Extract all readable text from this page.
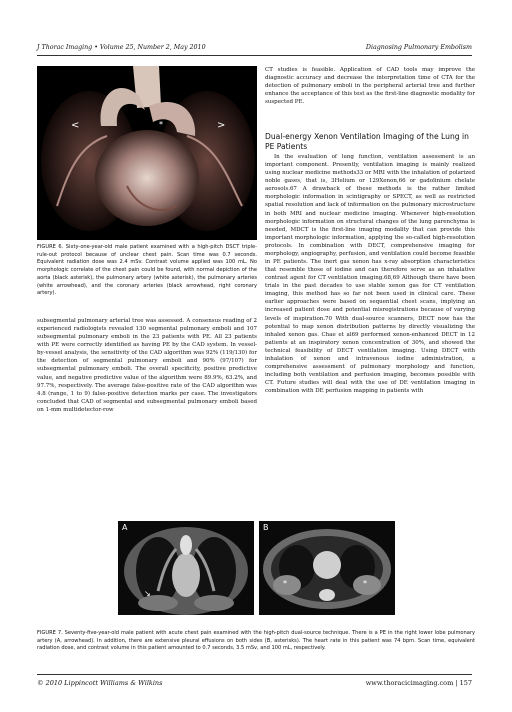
J Thorac Imaging • Volume 25, Number 2, May 2010	Diagnosing Pulmonary Embolism
<	>
*
*
FIGURE 6. Sixty-one-year-old male patient examined with a high-pitch DSCT triple-rule-out protocol because of unclear chest pain. Scan time was 0.7 seconds. Equivalent radiation dose was 2.4 mSv. Contrast volume applied was 100 mL. No morphologic correlate of the chest pain could be found, with normal depiction of the aorta (black asterisk), the pulmonary artery (white asterisk), the pulmonary arteries (white arrowhead), and the coronary arteries (black arrowhead, right coronary artery).

subsegmental pulmonary arterial tree was assessed. A consensus reading of 2 experienced radiologists revealed 130 segmental pulmonary emboli and 107 subsegmental pulmonary emboli in the 23 patients with PE. All 23 patients with PE were correctly identified as having PE by the CAD system. In vessel-by-vessel analysis, the sensitivity of the CAD algorithm was 92% (119/130) for the detection of segmental pulmonary emboli and 90% (97/107) for subsegmental pulmonary emboli. The overall specificity, positive predictive value, and negative predictive value of the algorithm were 89.9%, 63.2%, and 97.7%, respectively. The average false-positive rate of the CAD algorithm was 4.8 (range, 1 to 9) false-positive detection marks per case. The investigators concluded that CAD of segmental and subsegmental pulmonary emboli based on 1-mm multidetector-row

CT studies is feasible. Application of CAD tools may improve the diagnostic accuracy and decrease the interpretation time of CTA for the detection of pulmonary emboli in the peripheral arterial tree and further enhance the acceptance of this test as the first-line diagnostic modality for suspected PE.

Dual-energy Xenon Ventilation Imaging of the Lung in PE Patients

In the evaluation of lung function, ventilation assessment is an important component. Presently, ventilation imaging is mainly realized using nuclear medicine methods33 or MRI with the inhalation of polarized noble gases, that is, 3Helium or 129Xenon,66 or gadolinium chelate aerosols.67 A drawback of these methods is the rather limited morphologic information in scintigraphy or SPECT, as well as restricted spatial resolution and lack of information on the pulmonary microstructure in both MRI and nuclear medicine imaging. Whenever high-resolution morphologic information on structural changes of the lung parenchyma is needed, MDCT is the first-line imaging modality that can provide this important morphologic information, applying the so-called high-resolution protocols. In combination with DECT, comprehensive imaging for morphology, angiography, perfusion, and ventilation could become feasible in PE patients. The inert gas xenon has x-ray absorption characteristics that resemble those of iodine and can therefore serve as an inhalative contrast agent for CT ventilation imaging.68,69 Although there have been trials in the past decades to use stable xenon gas for CT ventilation imaging, this method has so far not been used in clinical care. These earlier approaches were based on sequential chest scans, implying an increased patient dose and potential misregistrations because of varying levels of inspiration.70 With dual-source scanners, DECT now has the potential to map xenon distribution patterns by directly visualizing the inhaled xenon gas. Chae et al69 performed xenon-enhanced DECT in 12 patients at an inspiratory xenon concentration of 30%, and showed the technical feasibility of DECT ventilation imaging. Using DECT with inhalation of xenon and intravenous iodine administration, a comprehensive assessment of pulmonary morphology and function, including both ventilation and perfusion imaging, becomes possible with CT. Future studies will deal with the use of DE ventilation imaging in combination with DE perfusion mapping in patients with

A
↘
B
*	*
FIGURE 7. Seventy-five-year-old male patient with acute chest pain examined with the high-pitch dual-source technique. There is a PE in the right lower lobe pulmonary artery (A, arrowhead). In addition, there are extensive pleural effusions on both sides (B, asterisks). The heart rate in this patient was 74 bpm. Scan time, equivalent radiation dose, and contrast volume in this patient amounted to 0.7 seconds, 3.5 mSv, and 100 mL, respectively.
© 2010 Lippincott Williams & Wilkins	www.thoracicimaging.com | 157
